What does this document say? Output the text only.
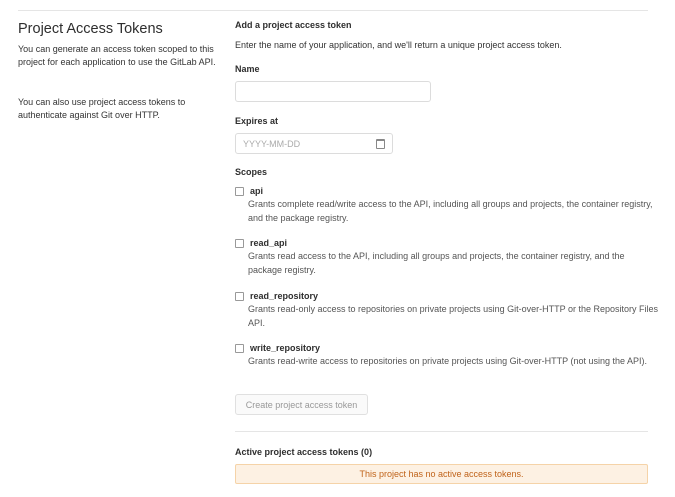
Project Access Tokens
You can generate an access token scoped to this project for each application to use the GitLab API.
You can also use project access tokens to authenticate against Git over HTTP.
Add a project access token
Enter the name of your application, and we'll return a unique project access token.
Name
Expires at
YYYY-MM-DD
Scopes
api
Grants complete read/write access to the API, including all groups and projects, the container registry, and the package registry.
read_api
Grants read access to the API, including all groups and projects, the container registry, and the package registry.
read_repository
Grants read-only access to repositories on private projects using Git-over-HTTP or the Repository Files API.
write_repository
Grants read-write access to repositories on private projects using Git-over-HTTP (not using the API).
Create project access token
Active project access tokens (0)
This project has no active access tokens.
